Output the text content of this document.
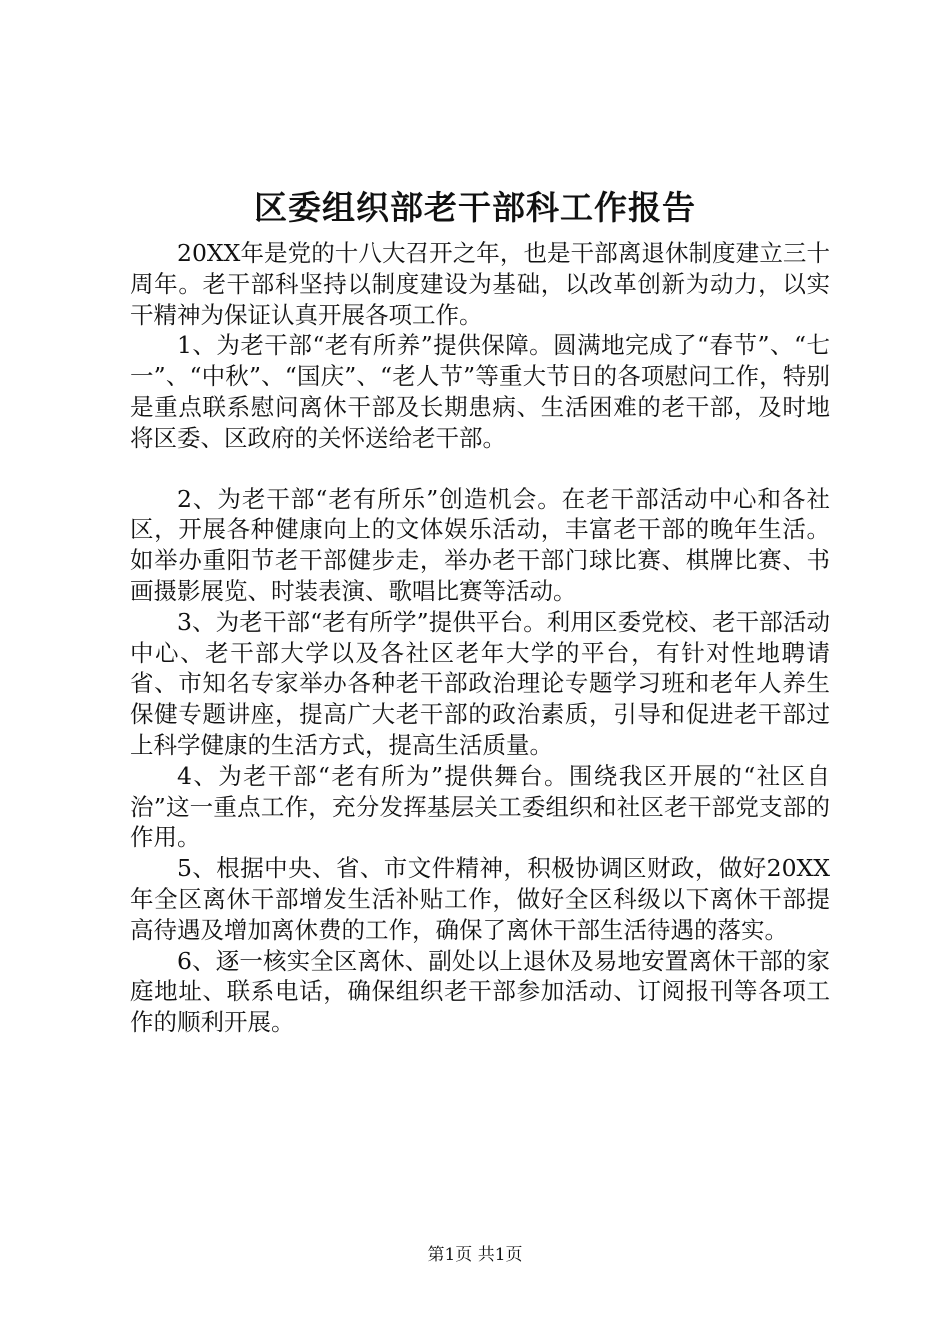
区委组织部老干部科工作报告

20XX年是党的十八大召开之年，也是干部离退休制度建立三十周年。老干部科坚持以制度建设为基础，以改革创新为动力，以实干精神为保证认真开展各项工作。

1、为老干部“老有所养”提供保障。圆满地完成了“春节”、“七一”、“中秋”、“国庆”、“老人节”等重大节日的各项慰问工作，特别是重点联系慰问离休干部及长期患病、生活困难的老干部，及时地将区委、区政府的关怀送给老干部。

2、为老干部“老有所乐”创造机会。在老干部活动中心和各社区，开展各种健康向上的文体娱乐活动，丰富老干部的晚年生活。如举办重阳节老干部健步走，举办老干部门球比赛、棋牌比赛、书画摄影展览、时装表演、歌唱比赛等活动。

3、为老干部“老有所学”提供平台。利用区委党校、老干部活动中心、老干部大学以及各社区老年大学的平台，有针对性地聘请省、市知名专家举办各种老干部政治理论专题学习班和老年人养生保健专题讲座，提高广大老干部的政治素质，引导和促进老干部过上科学健康的生活方式，提高生活质量。

4、为老干部“老有所为”提供舞台。围绕我区开展的“社区自治”这一重点工作，充分发挥基层关工委组织和社区老干部党支部的作用。

5、根据中央、省、市文件精神，积极协调区财政，做好20XX年全区离休干部增发生活补贴工作，做好全区科级以下离休干部提高待遇及增加离休费的工作，确保了离休干部生活待遇的落实。

6、逐一核实全区离休、副处以上退休及易地安置离休干部的家庭地址、联系电话，确保组织老干部参加活动、订阅报刊等各项工作的顺利开展。

第1页 共1页
